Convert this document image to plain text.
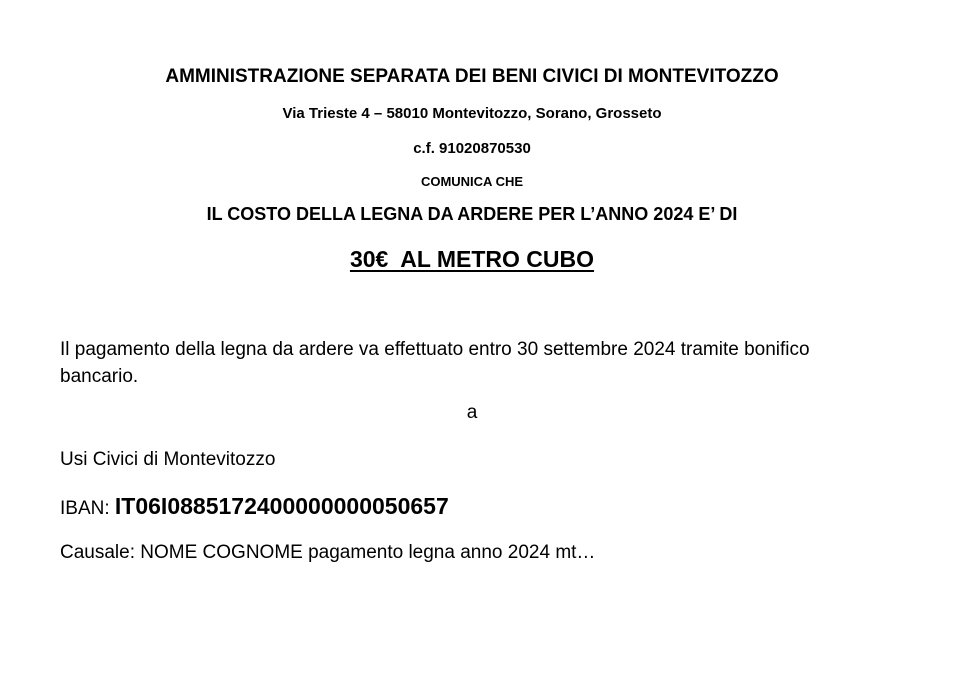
AMMINISTRAZIONE SEPARATA DEI BENI CIVICI DI MONTEVITOZZO
Via Trieste 4 – 58010 Montevitozzo, Sorano, Grosseto
c.f. 91020870530
COMUNICA CHE
IL COSTO DELLA LEGNA DA ARDERE PER L’ANNO 2024 E’ DI
30€  AL METRO CUBO
Il pagamento della legna da ardere va effettuato entro 30 settembre 2024 tramite bonifico bancario.
a
Usi Civici di Montevitozzo
IBAN: IT06I0885172400000000050657
Causale: NOME COGNOME pagamento legna anno 2024 mt…
